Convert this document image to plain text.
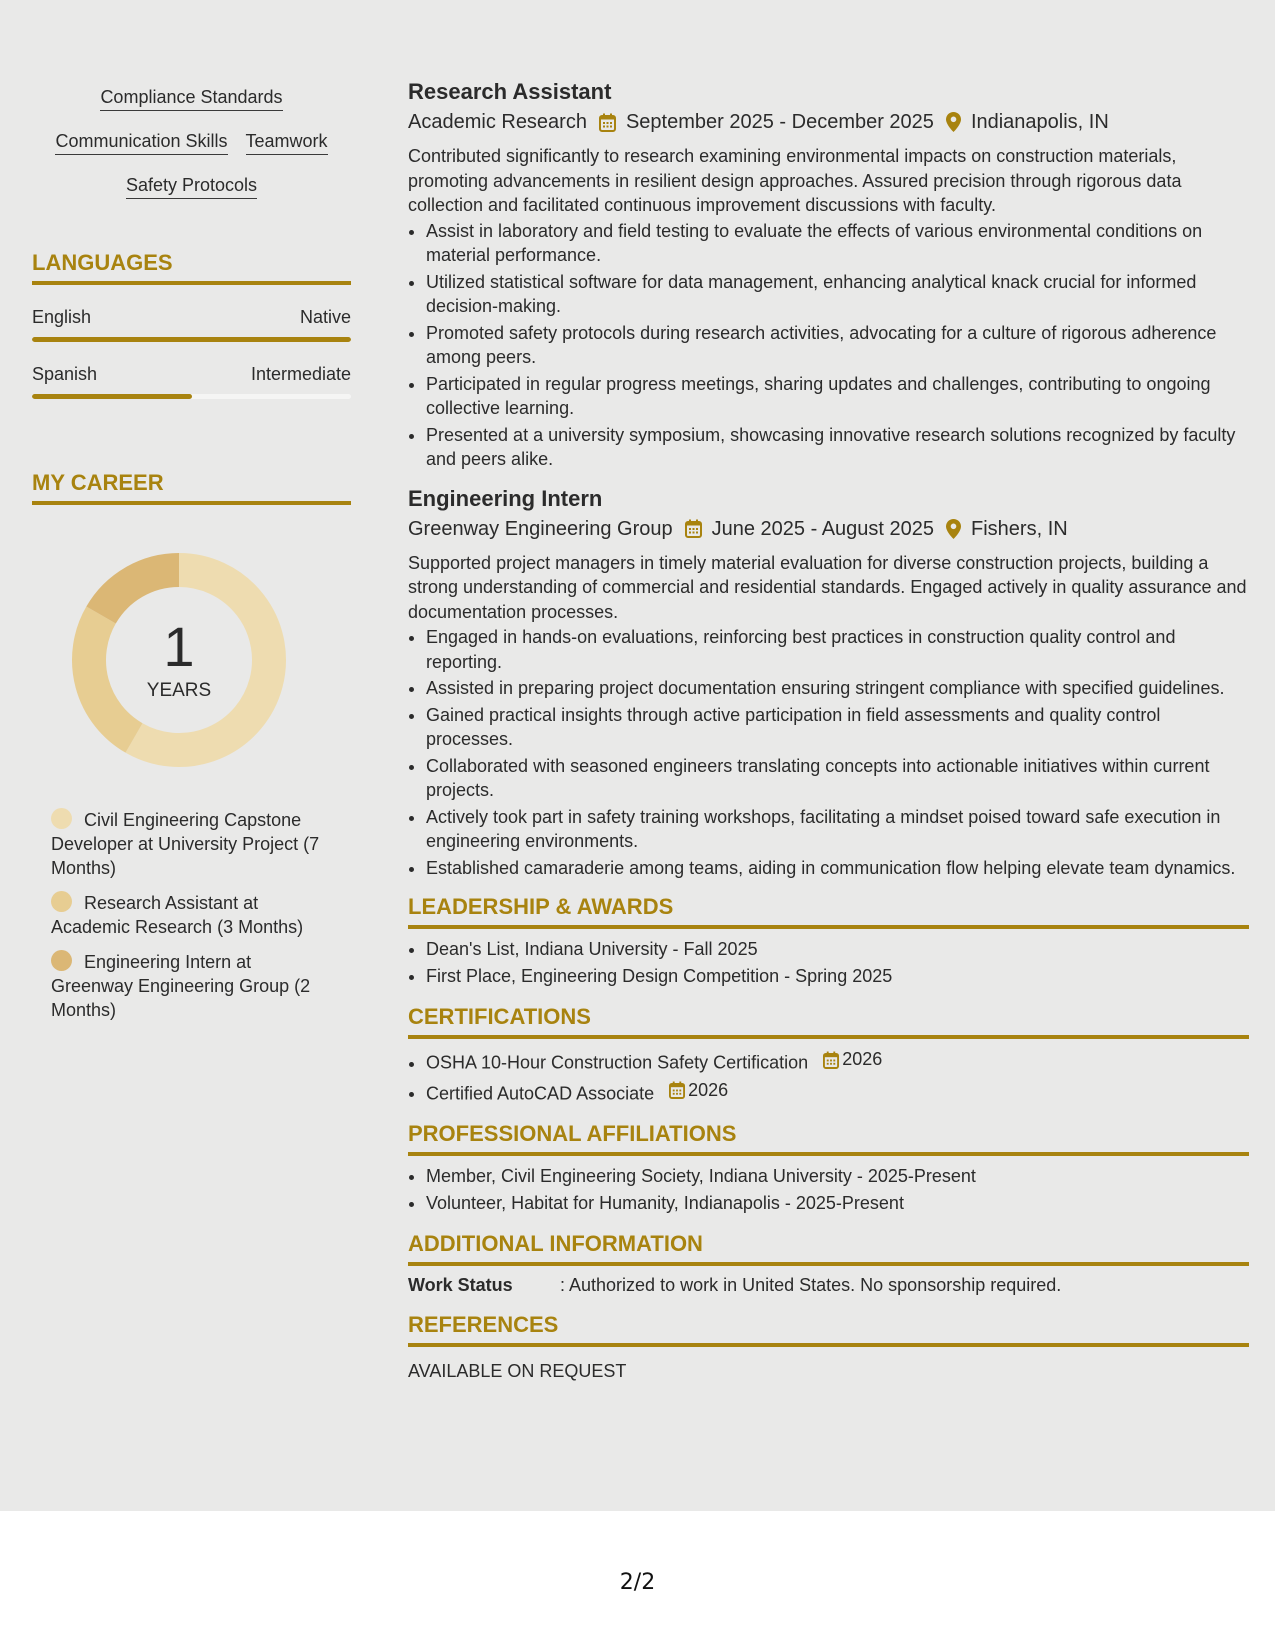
Compliance Standards
Communication Skills Teamwork
Safety Protocols
LANGUAGES
English	Native
Spanish	Intermediate
MY CAREER
1
YEARS
Civil Engineering Capstone Developer at University Project (7 Months)
Research Assistant at Academic Research (3 Months)
Engineering Intern at Greenway Engineering Group (2 Months)
Research Assistant
Academic Research September 2025 - December 2025 Indianapolis, IN
Contributed significantly to research examining environmental impacts on construction materials, promoting advancements in resilient design approaches. Assured precision through rigorous data collection and facilitated continuous improvement discussions with faculty.
• Assist in laboratory and field testing to evaluate the effects of various environmental conditions on material performance.
• Utilized statistical software for data management, enhancing analytical knack crucial for informed decision-making.
• Promoted safety protocols during research activities, advocating for a culture of rigorous adherence among peers.
• Participated in regular progress meetings, sharing updates and challenges, contributing to ongoing collective learning.
• Presented at a university symposium, showcasing innovative research solutions recognized by faculty and peers alike.
Engineering Intern
Greenway Engineering Group June 2025 - August 2025 Fishers, IN
Supported project managers in timely material evaluation for diverse construction projects, building a strong understanding of commercial and residential standards. Engaged actively in quality assurance and documentation processes.
• Engaged in hands-on evaluations, reinforcing best practices in construction quality control and reporting.
• Assisted in preparing project documentation ensuring stringent compliance with specified guidelines.
• Gained practical insights through active participation in field assessments and quality control processes.
• Collaborated with seasoned engineers translating concepts into actionable initiatives within current projects.
• Actively took part in safety training workshops, facilitating a mindset poised toward safe execution in engineering environments.
• Established camaraderie among teams, aiding in communication flow helping elevate team dynamics.
LEADERSHIP & AWARDS
• Dean's List, Indiana University - Fall 2025
• First Place, Engineering Design Competition - Spring 2025
CERTIFICATIONS
• OSHA 10-Hour Construction Safety Certification 2026
• Certified AutoCAD Associate 2026
PROFESSIONAL AFFILIATIONS
• Member, Civil Engineering Society, Indiana University - 2025-Present
• Volunteer, Habitat for Humanity, Indianapolis - 2025-Present
ADDITIONAL INFORMATION
Work Status	: Authorized to work in United States. No sponsorship required.
REFERENCES
AVAILABLE ON REQUEST
2/2
